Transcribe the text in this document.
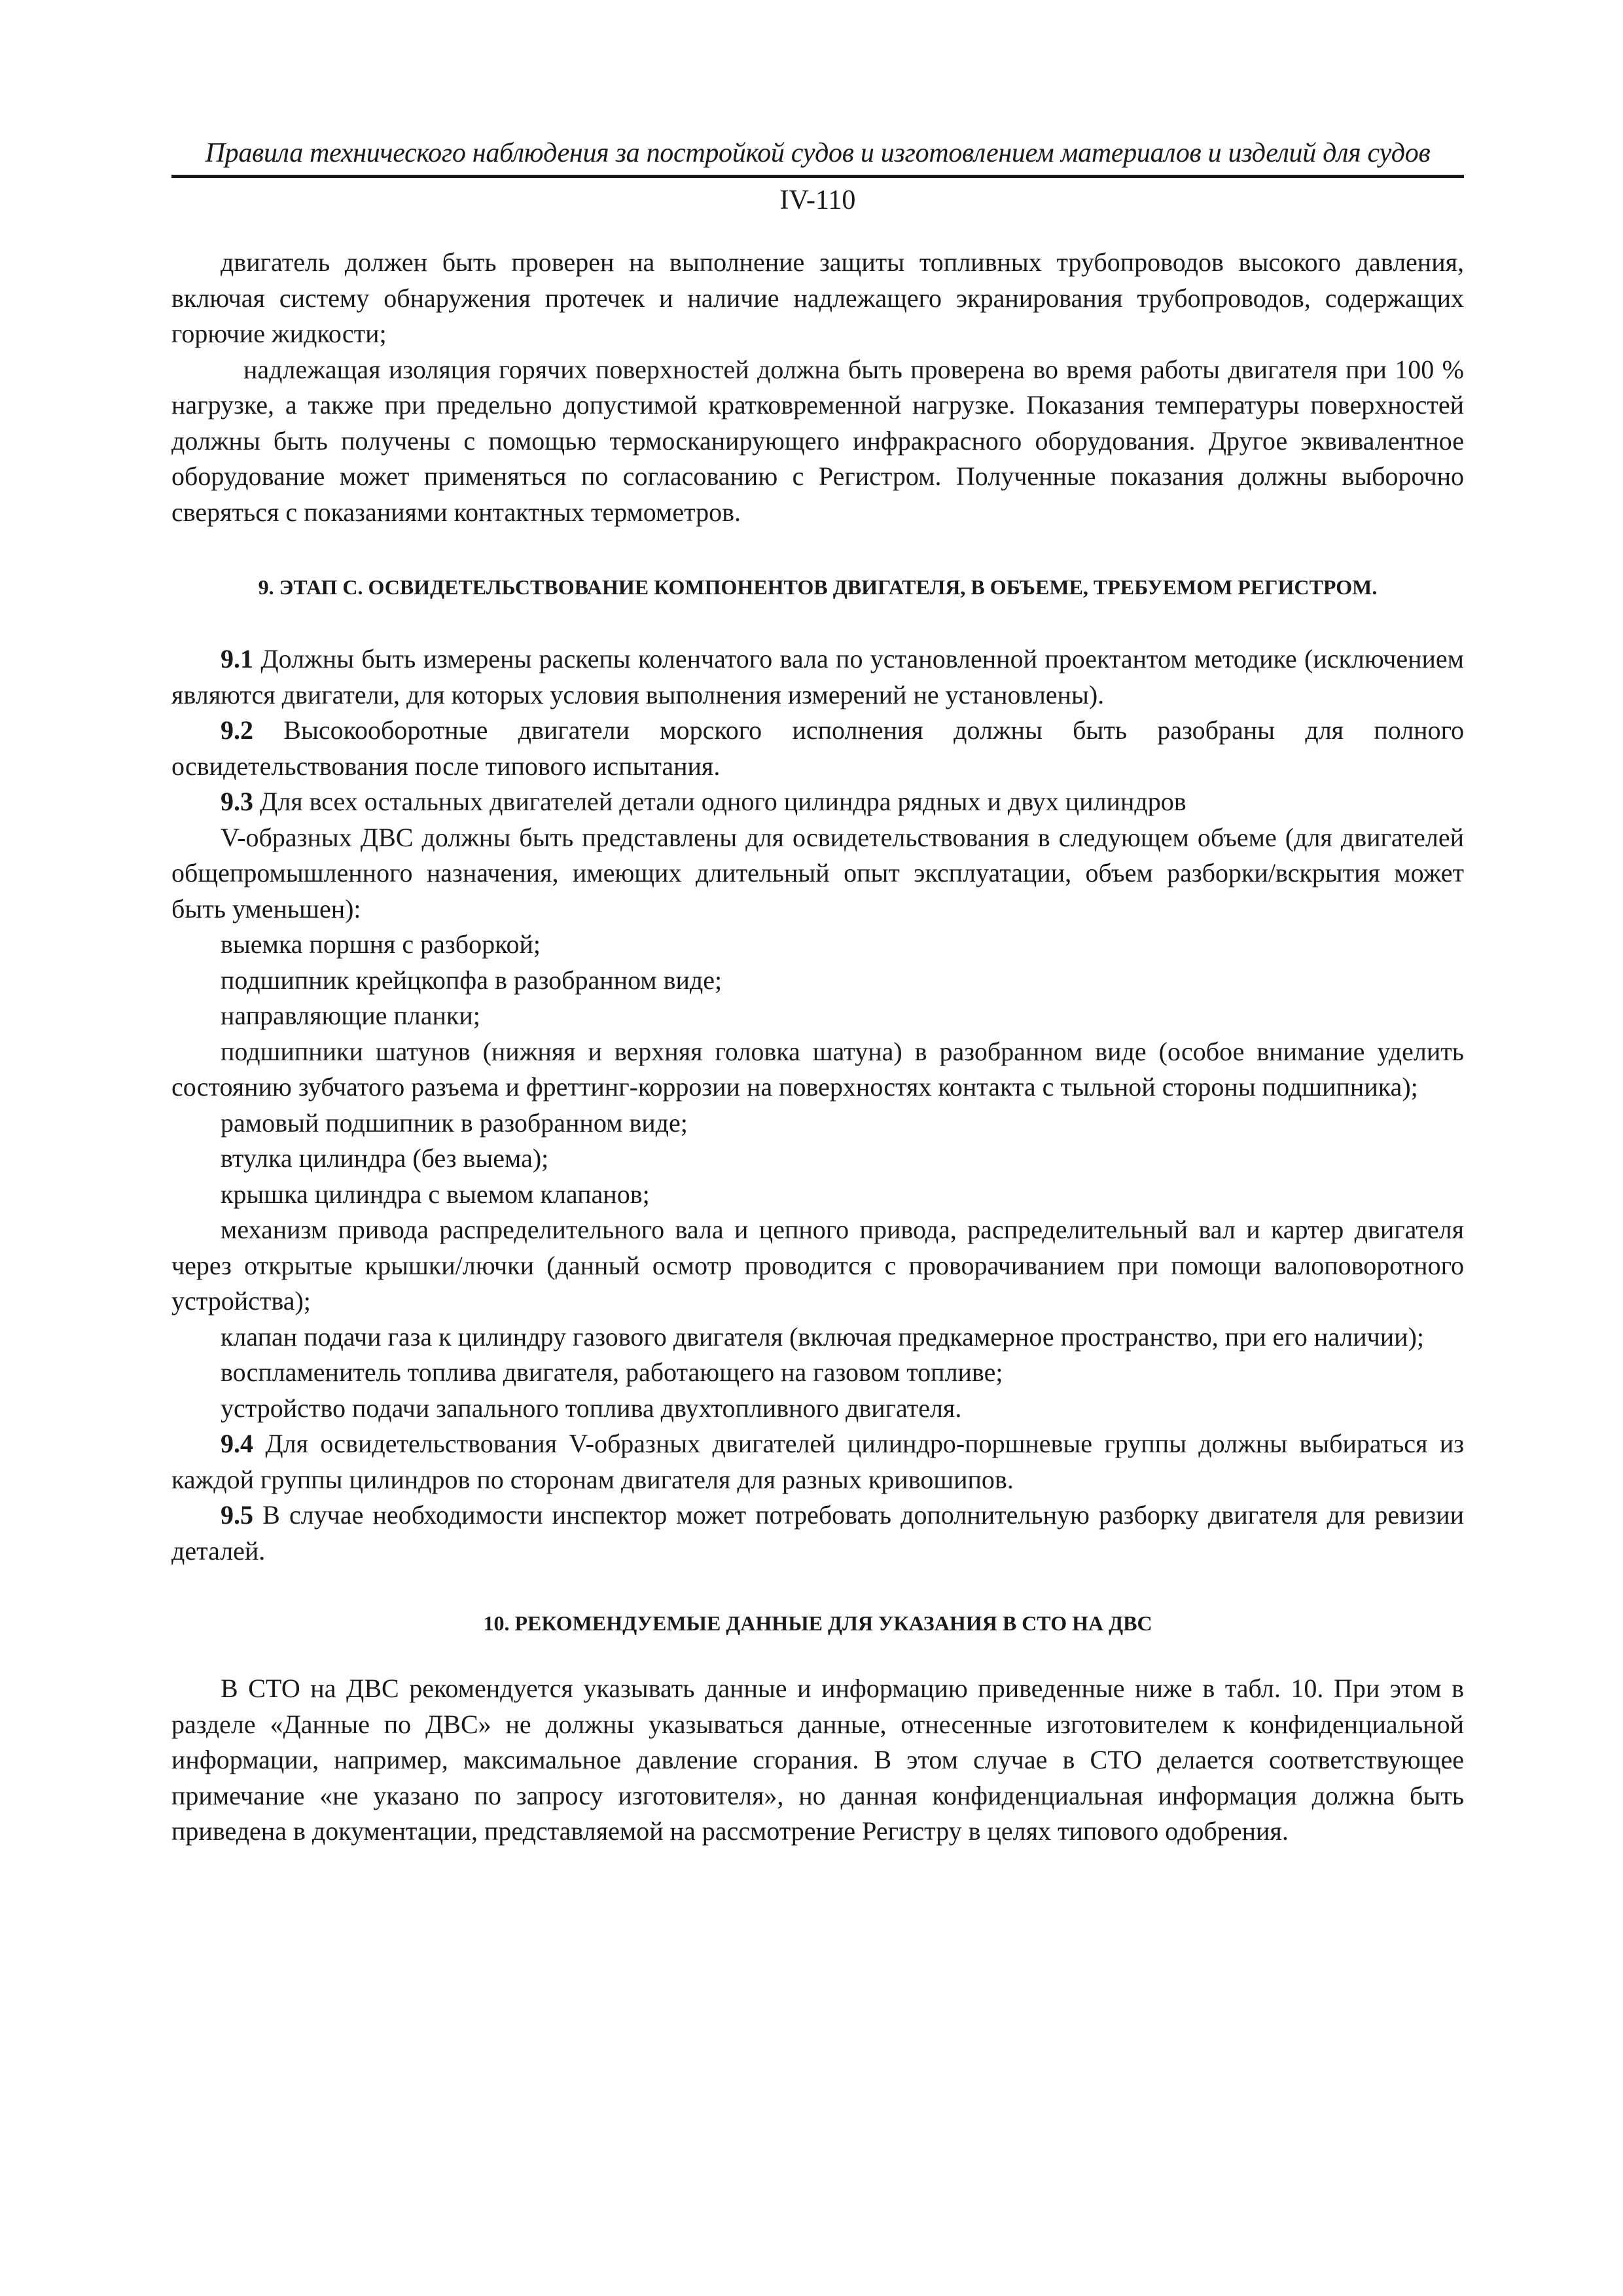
Правила технического наблюдения за постройкой судов и изготовлением материалов и изделий для судов
IV-110

двигатель должен быть проверен на выполнение защиты топливных трубопроводов высокого давления, включая систему обнаружения протечек и наличие надлежащего экранирования трубопроводов, содержащих горючие жидкости;

надлежащая изоляция горячих поверхностей должна быть проверена во время работы двигателя при 100 % нагрузке, а также при предельно допустимой кратковременной нагрузке. Показания температуры поверхностей должны быть получены с помощью термосканирующего инфракрасного оборудования. Другое эквивалентное оборудование может применяться по согласованию с Регистром. Полученные показания должны выборочно сверяться с показаниями контактных термометров.

9. ЭТАП С. ОСВИДЕТЕЛЬСТВОВАНИЕ КОМПОНЕНТОВ ДВИГАТЕЛЯ, В ОБЪЕМЕ, ТРЕБУЕМОМ РЕГИСТРОМ.

9.1 Должны быть измерены раскепы коленчатого вала по установленной проектантом методике (исключением являются двигатели, для которых условия выполнения измерений не установлены).

9.2 Высокооборотные двигатели морского исполнения должны быть разобраны для полного освидетельствования после типового испытания.

9.3 Для всех остальных двигателей детали одного цилиндра рядных и двух цилиндров

V-образных ДВС должны быть представлены для освидетельствования в следующем объеме (для двигателей общепромышленного назначения, имеющих длительный опыт эксплуатации, объем разборки/вскрытия может быть уменьшен):

выемка поршня с разборкой;

подшипник крейцкопфа в разобранном виде;

направляющие планки;

подшипники шатунов (нижняя и верхняя головка шатуна) в разобранном виде (особое внимание уделить состоянию зубчатого разъема и фреттинг-коррозии на поверхностях контакта с тыльной стороны подшипника);

рамовый подшипник в разобранном виде;

втулка цилиндра (без выема);

крышка цилиндра с выемом клапанов;

механизм привода распределительного вала и цепного привода, распределительный вал и картер двигателя через открытые крышки/лючки (данный осмотр проводится с проворачиванием при помощи валоповоротного устройства);

клапан подачи газа к цилиндру газового двигателя (включая предкамерное пространство, при его наличии);

воспламенитель топлива двигателя, работающего на газовом топливе;

устройство подачи запального топлива двухтопливного двигателя.

9.4 Для освидетельствования V-образных двигателей цилиндро-поршневые группы должны выбираться из каждой группы цилиндров по сторонам двигателя для разных кривошипов.

9.5 В случае необходимости инспектор может потребовать дополнительную разборку двигателя для ревизии деталей.

10. РЕКОМЕНДУЕМЫЕ ДАННЫЕ ДЛЯ УКАЗАНИЯ В СТО НА ДВС

В СТО на ДВС рекомендуется указывать данные и информацию приведенные ниже в табл. 10. При этом в разделе «Данные по ДВС» не должны указываться данные, отнесенные изготовителем к конфиденциальной информации, например, максимальное давление сгорания. В этом случае в СТО делается соответствующее примечание «не указано по запросу изготовителя», но данная конфиденциальная информация должна быть приведена в документации, представляемой на рассмотрение Регистру в целях типового одобрения.
